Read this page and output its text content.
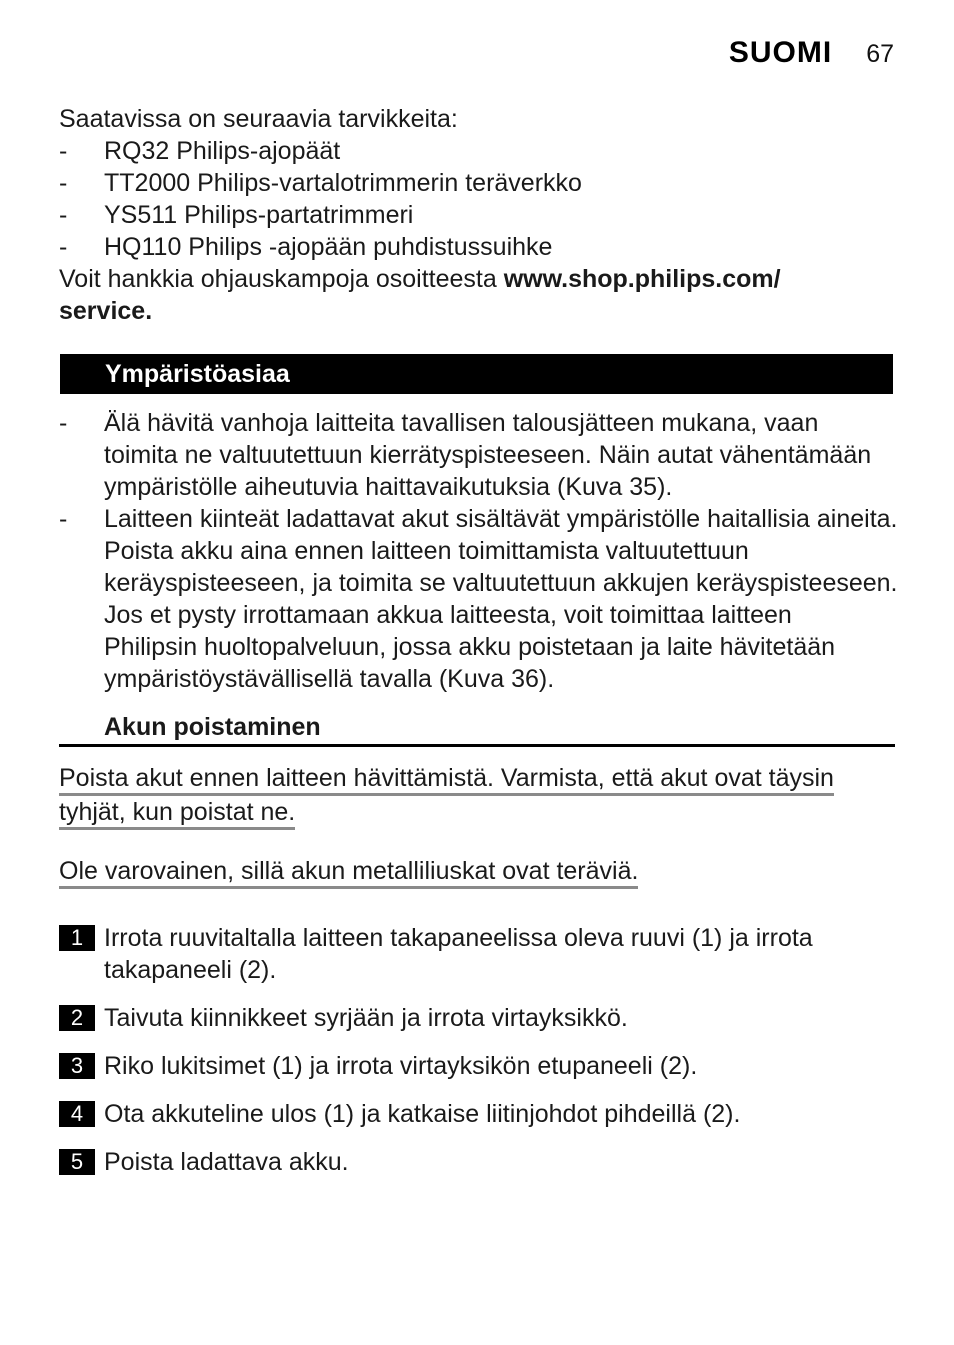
SUOMI 67
Saatavissa on seuraavia tarvikkeita:
-	RQ32 Philips-ajopäät
-	TT2000 Philips-vartalotrimmerin teräverkko
-	YS511 Philips-partatrimmeri
-	HQ110 Philips -ajopään puhdistussuihke
Voit hankkia ohjauskampoja osoitteesta www.shop.philips.com/
service.
Ympäristöasiaa
-	Älä hävitä vanhoja laitteita tavallisen talousjätteen mukana, vaan
toimita ne valtuutettuun kierrätyspisteeseen. Näin autat vähentämään
ympäristölle aiheutuvia haittavaikutuksia (Kuva 35).
-	Laitteen kiinteät ladattavat akut sisältävät ympäristölle haitallisia aineita.
Poista akku aina ennen laitteen toimittamista valtuutettuun
keräyspisteeseen, ja toimita se valtuutettuun akkujen keräyspisteeseen.
Jos et pysty irrottamaan akkua laitteesta, voit toimittaa laitteen
Philipsin huoltopalveluun, jossa akku poistetaan ja laite hävitetään
ympäristöystävällisellä tavalla (Kuva 36).
Akun poistaminen
Poista akut ennen laitteen hävittämistä. Varmista, että akut ovat täysin
tyhjät, kun poistat ne.
Ole varovainen, sillä akun metalliliuskat ovat teräviä.
1 Irrota ruuvitaltalla laitteen takapaneelissa oleva ruuvi (1) ja irrota
takapaneeli (2).
2 Taivuta kiinnikkeet syrjään ja irrota virtayksikkö.
3 Riko lukitsimet (1) ja irrota virtayksikön etupaneeli (2).
4 Ota akkuteline ulos (1) ja katkaise liitinjohdot pihdeillä (2).
5 Poista ladattava akku.
